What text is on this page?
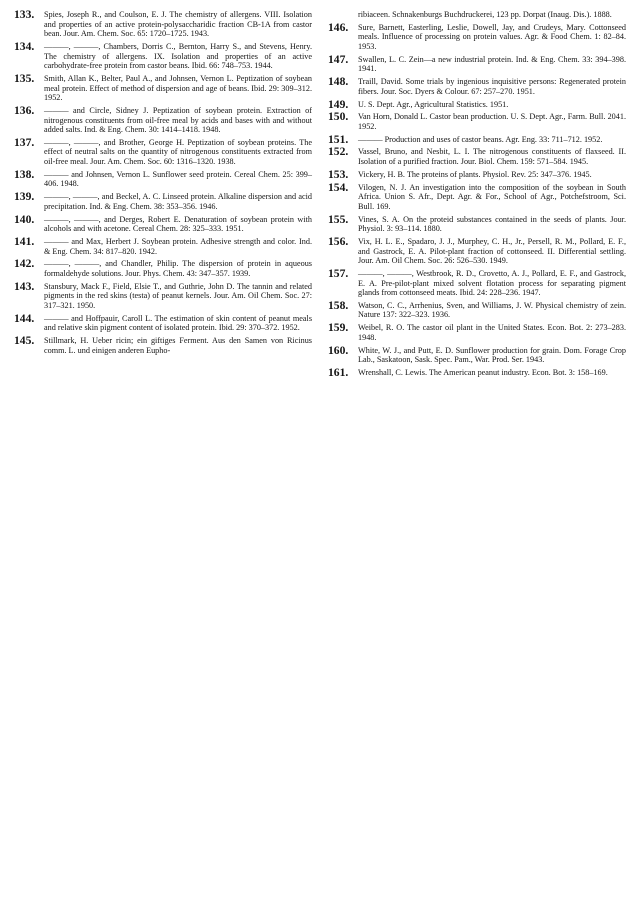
133.	Spies, Joseph R., and Coulson, E. J. The chemistry of allergens. VIII. Isolation and properties of an active protein-polysaccharidic fraction CB-1A from castor bean. Jour. Am. Chem. Soc. 65: 1720–1725. 1943.
134.	———, ———, Chambers, Dorris C., Bernton, Harry S., and Stevens, Henry. The chemistry of allergens. IX. Isolation and properties of an active carbohydrate-free protein from castor beans. Ibid. 66: 748–753. 1944.
135.	Smith, Allan K., Belter, Paul A., and Johnsen, Vernon L. Peptization of soybean meal protein. Effect of method of dispersion and age of beans. Ibid. 29: 309–312. 1952.
136.	——— and Circle, Sidney J. Peptization of soybean protein. Extraction of nitrogenous constituents from oil-free meal by acids and bases with and without added salts. Ind. & Eng. Chem. 30: 1414–1418. 1948.
137.	———, ———, and Brother, George H. Peptization of soybean proteins. The effect of neutral salts on the quantity of nitrogenous constituents extracted from oil-free meal. Jour. Am. Chem. Soc. 60: 1316–1320. 1938.
138.	——— and Johnsen, Vernon L. Sunflower seed protein. Cereal Chem. 25: 399–406. 1948.
139.	———, ———, and Beckel, A. C. Linseed protein. Alkaline dispersion and acid precipitation. Ind. & Eng. Chem. 38: 353–356. 1946.
140.	———, ———, and Derges, Robert E. Denaturation of soybean protein with alcohols and with acetone. Cereal Chem. 28: 325–333. 1951.
141.	——— and Max, Herbert J. Soybean protein. Adhesive strength and color. Ind. & Eng. Chem. 34: 817–820. 1942.
142.	———, ———, and Chandler, Philip. The dispersion of protein in aqueous formaldehyde solutions. Jour. Phys. Chem. 43: 347–357. 1939.
143.	Stansbury, Mack F., Field, Elsie T., and Guthrie, John D. The tannin and related pigments in the red skins (testa) of peanut kernels. Jour. Am. Oil Chem. Soc. 27: 317–321. 1950.
144.	——— and Hoffpauir, Caroll L. The estimation of skin content of peanut meals and relative skin pigment content of isolated protein. Ibid. 29: 370–372. 1952.
145.	Stillmark, H. Ueber ricin; ein giftiges Ferment. Aus den Samen von Ricinus comm. L. und einigen anderen Eupho-
ribiaceen. Schnakenburgs Buchdruckerei, 123 pp. Dorpat (Inaug. Dis.). 1888.
146.	Sure, Barnett, Easterling, Leslie, Dowell, Jay, and Crudeys, Mary. Cottonseed meals. Influence of processing on protein values. Agr. & Food Chem. 1: 82–84. 1953.
147.	Swallen, L. C. Zein—a new industrial protein. Ind. & Eng. Chem. 33: 394–398. 1941.
148.	Traill, David. Some trials by ingenious inquisitive persons: Regenerated protein fibers. Jour. Soc. Dyers & Colour. 67: 257–270. 1951.
149.	U. S. Dept. Agr., Agricultural Statistics. 1951.
150.	Van Horn, Donald L. Castor bean production. U. S. Dept. Agr., Farm. Bull. 2041. 1952.
151.	——— Production and uses of castor beans. Agr. Eng. 33: 711–712. 1952.
152.	Vassel, Bruno, and Nesbit, L. I. The nitrogenous constituents of flaxseed. II. Isolation of a purified fraction. Jour. Biol. Chem. 159: 571–584. 1945.
153.	Vickery, H. B. The proteins of plants. Physiol. Rev. 25: 347–376. 1945.
154.	Vilogen, N. J. An investigation into the composition of the soybean in South Africa. Union S. Afr., Dept. Agr. & For., School of Agr., Potchefstroom, Sci. Bull. 169.
155.	Vines, S. A. On the proteid substances contained in the seeds of plants. Jour. Physiol. 3: 93–114. 1880.
156.	Vix, H. L. E., Spadaro, J. J., Murphey, C. H., Jr., Persell, R. M., Pollard, E. F., and Gastrock, E. A. Pilot-plant fraction of cottonseed. II. Differential settling. Jour. Am. Oil Chem. Soc. 26: 526–530. 1949.
157.	———, ———, Westbrook, R. D., Crovetto, A. J., Pollard, E. F., and Gastrock, E. A. Pre-pilot-plant mixed solvent flotation process for separating pigment glands from cottonseed meats. Ibid. 24: 228–236. 1947.
158.	Watson, C. C., Arrhenius, Sven, and Williams, J. W. Physical chemistry of zein. Nature 137: 322–323. 1936.
159.	Weibel, R. O. The castor oil plant in the United States. Econ. Bot. 2: 273–283. 1948.
160.	White, W. J., and Putt, E. D. Sunflower production for grain. Dom. Forage Crop Lab., Saskatoon, Sask. Spec. Pam., War. Prod. Ser. 1943.
161.	Wrenshall, C. Lewis. The American peanut industry. Econ. Bot. 3: 158–169.
